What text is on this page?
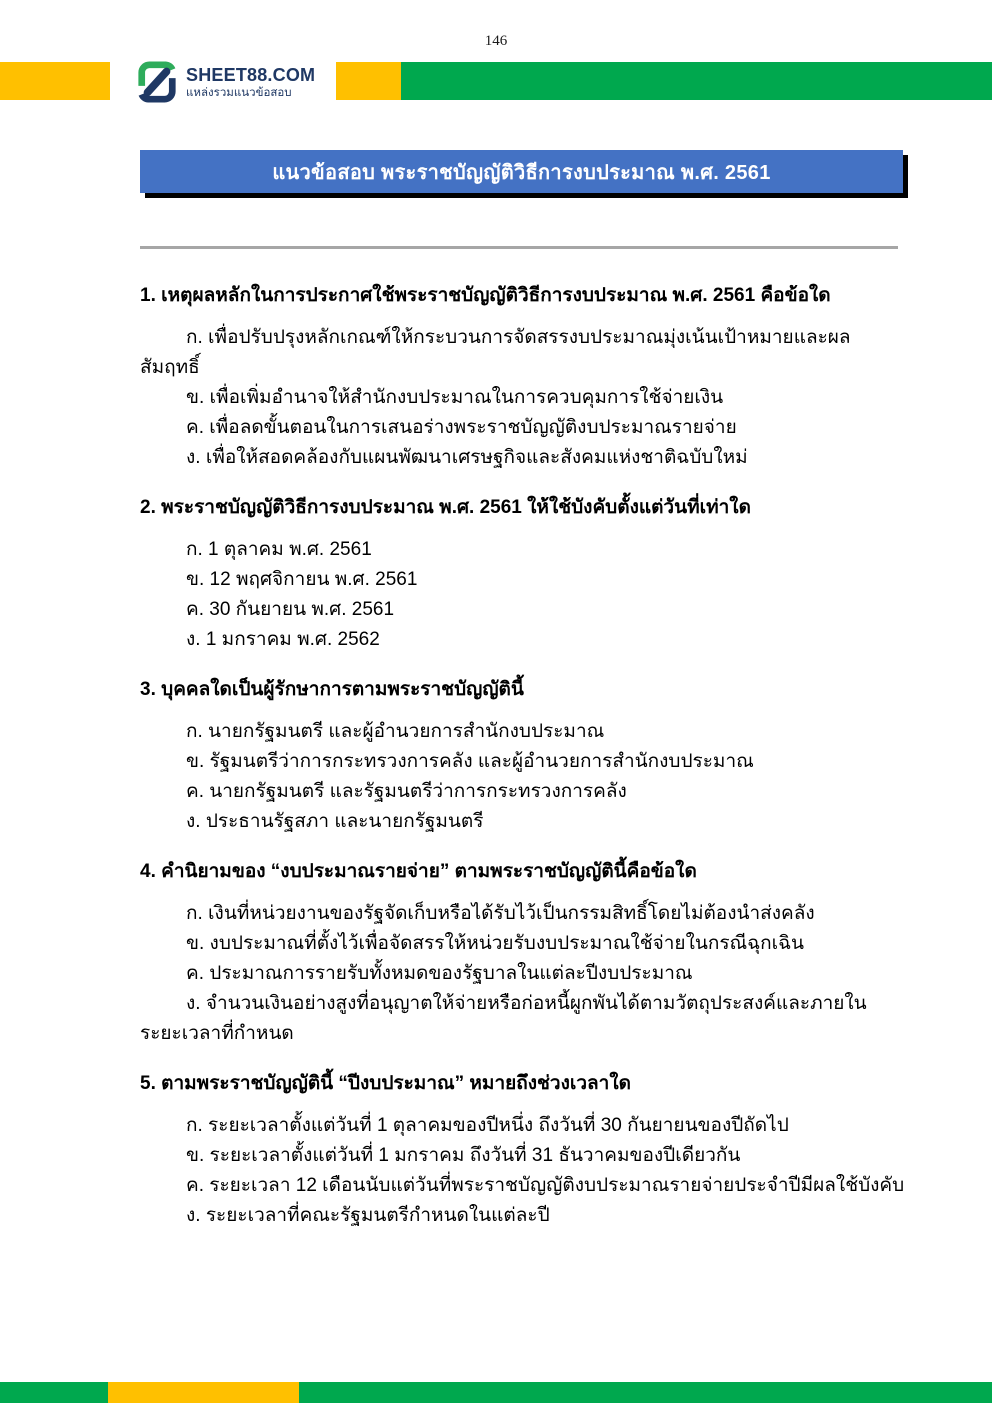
146
SHEET88.COM
แหล่งรวมแนวข้อสอบ
แนวข้อสอบ พระราชบัญญัติวิธีการงบประมาณ พ.ศ. 2561

1. เหตุผลหลักในการประกาศใช้พระราชบัญญัติวิธีการงบประมาณ พ.ศ. 2561 คือข้อใด

ก. เพื่อปรับปรุงหลักเกณฑ์ให้กระบวนการจัดสรร​งบประมาณ​มุ่งเน้นเป้าหมายและ​ผลสัมฤทธิ์

ข. เพื่อเพิ่มอำนาจให้สำนักงบประมาณในการควบคุมการใช้จ่ายเงิน

ค. เพื่อลดขั้นตอนในการเสนอร่างพระราชบัญญัติงบประมาณรายจ่าย

ง. เพื่อให้สอดคล้องกับแผนพัฒนาเศรษฐกิจและสังคมแห่งชาติฉบับใหม่

2. พระราชบัญญัติวิธีการงบประมาณ พ.ศ. 2561 ให้ใช้บังคับตั้งแต่วันที่เท่าใด

ก. 1 ตุลาคม พ.ศ. 2561

ข. 12 พฤศจิกายน พ.ศ. 2561

ค. 30 กันยายน พ.ศ. 2561

ง. 1 มกราคม พ.ศ. 2562

3. บุคคลใดเป็นผู้รักษาการตามพระราชบัญญัตินี้

ก. นายกรัฐมนตรี และผู้อำนวยการสำนักงบประมาณ

ข. รัฐมนตรีว่าการกระทรวงการคลัง และผู้อำนวยการสำนักงบประมาณ

ค. นายกรัฐมนตรี และรัฐมนตรีว่าการกระทรวงการคลัง

ง. ประธานรัฐสภา และนายกรัฐมนตรี

4. คำนิยามของ “งบประมาณรายจ่าย” ตามพระราชบัญญัตินี้คือข้อใด

ก. เงินที่หน่วยงานของรัฐจัดเก็บหรือได้รับไว้เป็นกรรมสิทธิ์โดยไม่ต้องนำส่งคลัง

ข. งบประมาณที่ตั้งไว้เพื่อจัดสรรให้หน่วยรับงบประมาณใช้จ่ายในกรณีฉุกเฉิน

ค. ประมาณการรายรับทั้งหมดของรัฐบาลในแต่ละปีงบประมาณ

ง. จำนวนเงินอย่างสูงที่อนุญาตให้จ่ายหรือ​ก่อหนี้ผูกพันได้ตาม​วัตถุประสงค์และ​ภายใน​ระยะเวลาที่​กำหนด

5. ตามพระราชบัญญัตินี้ “ปีงบประมาณ” หมายถึงช่วงเวลาใด

ก. ระยะเวลาตั้งแต่วันที่ 1 ตุลาคมของปีหนึ่ง ถึงวันที่ 30 กันยายนของปีถัดไป

ข. ระยะเวลาตั้งแต่วันที่ 1 มกราคม ถึงวันที่ 31 ธันวาคมของปีเดียวกัน

ค. ระยะเวลา 12 เดือนนับแต่วันที่​พระราชบัญญัติงบประมาณรายจ่ายประจำปี​มีผลใช้บังคับ

ง. ระยะเวลาที่คณะรัฐมนตรีกำหนดในแต่ละปี
